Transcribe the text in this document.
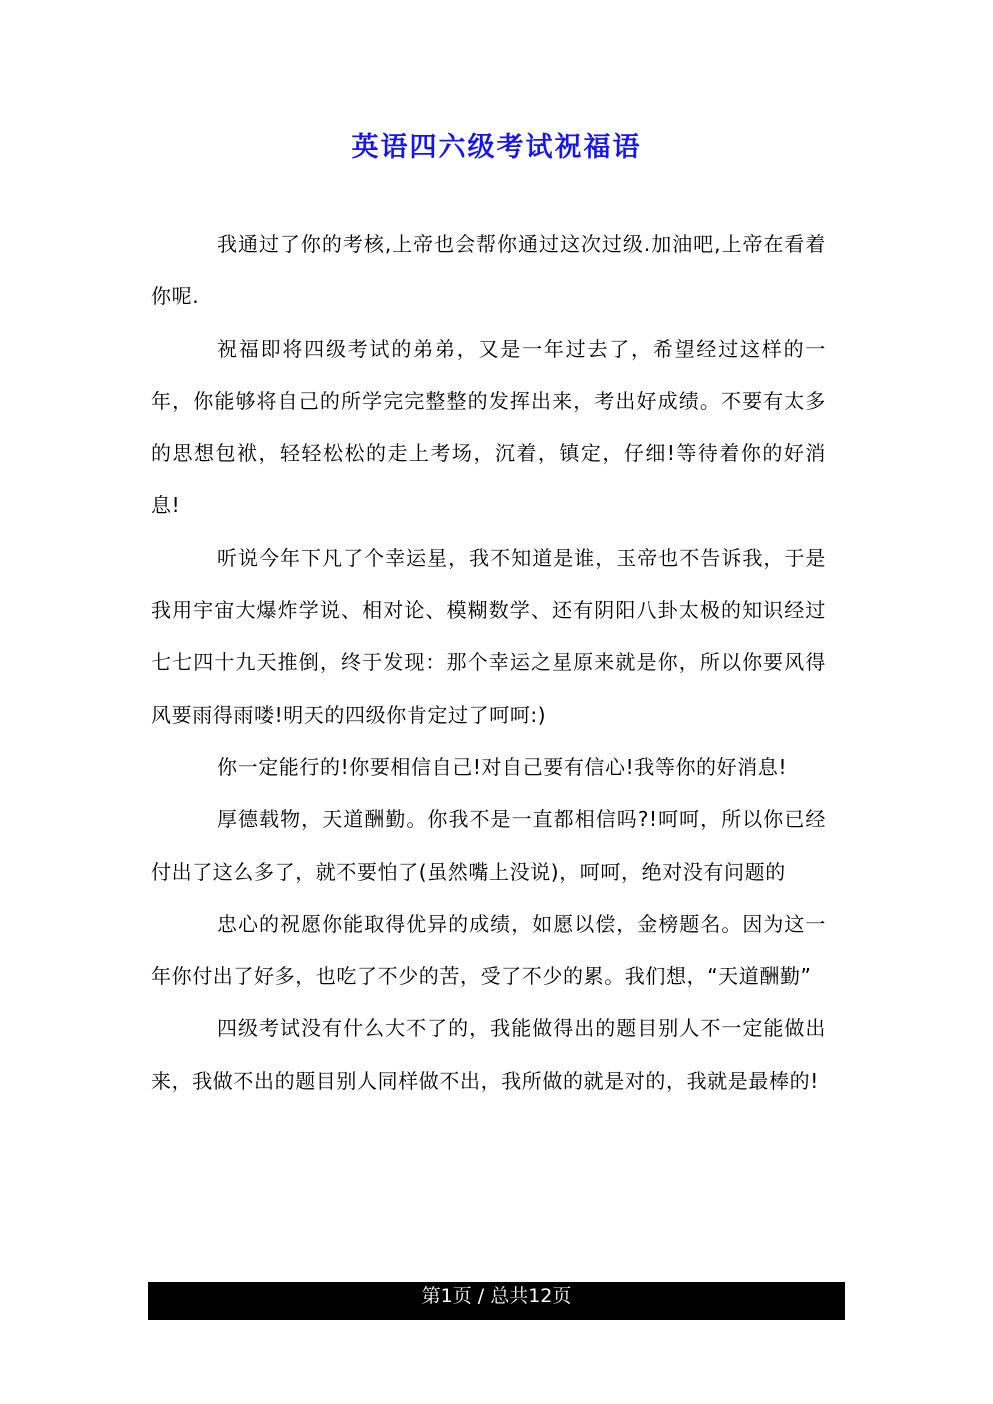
英语四六级考试祝福语

我通过了你的考核,上帝也会帮你通过这次过级.加油吧,上帝在看着你呢.

祝福即将四级考试的弟弟，又是一年过去了，希望经过这样的一年，你能够将自己的所学完完整整的发挥出来，考出好成绩。不要有太多的思想包袱，轻轻松松的走上考场，沉着，镇定，仔细!等待着你的好消息!

听说今年下凡了个幸运星，我不知道是谁，玉帝也不告诉我，于是我用宇宙大爆炸学说、相对论、模糊数学、还有阴阳八卦太极的知识经过七七四十九天推倒，终于发现：那个幸运之星原来就是你，所以你要风得风要雨得雨喽!明天的四级你肯定过了呵呵:)

你一定能行的!你要相信自己!对自己要有信心!我等你的好消息!

厚德载物，天道酬勤。你我不是一直都相信吗?!呵呵，所以你已经付出了这么多了，就不要怕了(虽然嘴上没说)，呵呵，绝对没有问题的

忠心的祝愿你能取得优异的成绩，如愿以偿，金榜题名。因为这一年你付出了好多，也吃了不少的苦，受了不少的累。我们想，“天道酬勤”

四级考试没有什么大不了的，我能做得出的题目别人不一定能做出来，我做不出的题目别人同样做不出，我所做的就是对的，我就是最棒的!

第1页 / 总共12页
